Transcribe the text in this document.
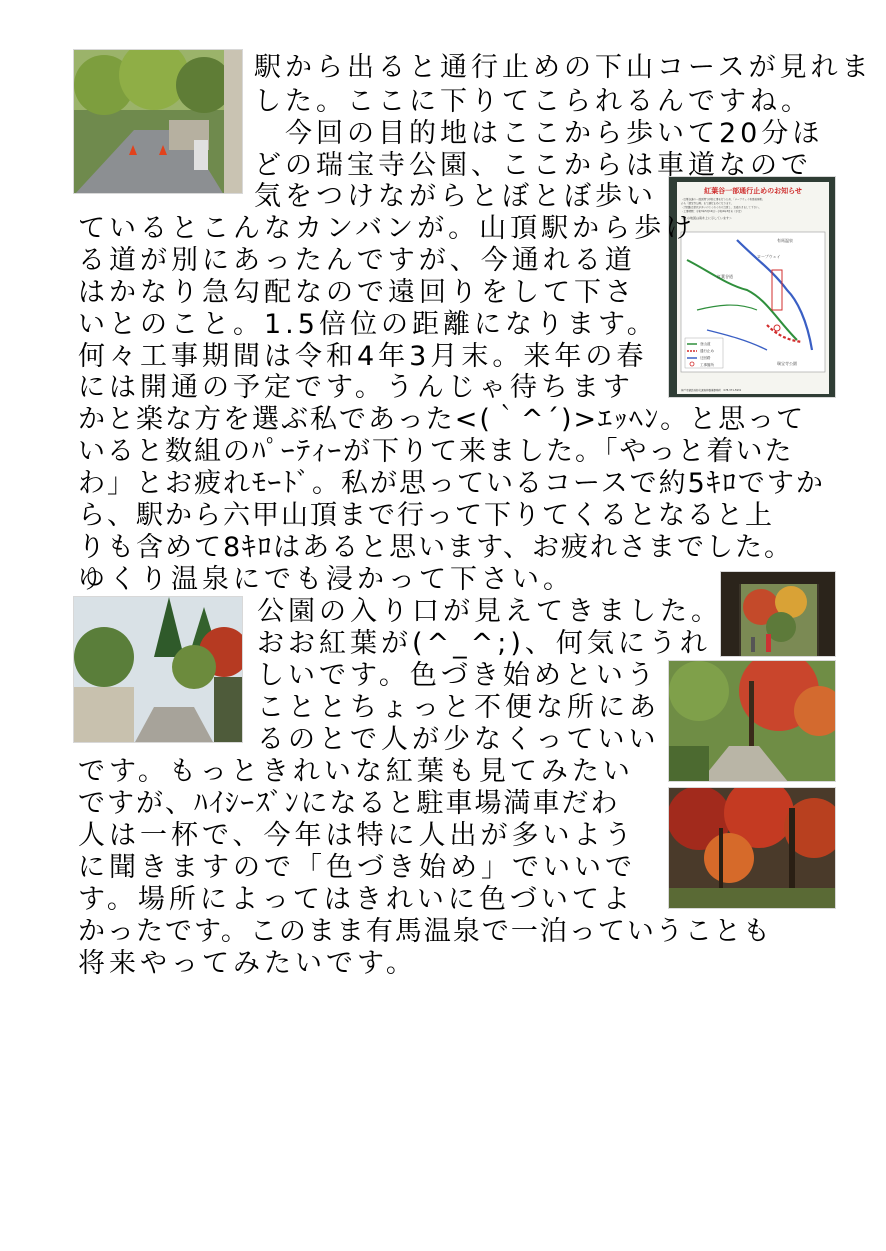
紅葉谷一部通行止めのお知らせ
・紅葉谷道の一部区間で砂防工事を行うため、「ロープウェイ有馬温泉駅」
から「瑞宝寺公園」まで通行止めになります。
・迂回路は起伏が多いのでくれぐれも注意し、お疲れさまして下さい。
・工事期間：令和3年5月10日～令和4年3月末（予定）
＜この地図は南を上に示しています＞
有馬温泉
紅葉谷道
ロープウェイ
瑞宝寺公園
登山道
通行止め
迂回路
工事箇所
神戸市建設局防災課森林整備事務所　078-371-5931
駅から出ると通行止めの下山コースが見れま
した。ここに下りてこられるんですね。
　今回の目的地はここから歩いて20分ほ
どの瑞宝寺公園、ここからは車道なので
気をつけながらとぼとぼ歩い
ているとこんなカンバンが。山頂駅から歩け
る道が別にあったんですが、今通れる道
はかなり急勾配なので遠回りをして下さ
いとのこと。1.5倍位の距離になります。
何々工事期間は令和4年3月末。来年の春
には開通の予定です。うんじゃ待ちます
かと楽な方を選ぶ私であった<(｀^´)>ｴｯﾍﾝ。と思って
いると数組のﾊﾟｰﾃｨｰが下りて来ました。「やっと着いた
わ」とお疲れﾓｰﾄﾞ。私が思っているコースで約5ｷﾛですか
ら、駅から六甲山頂まで行って下りてくるとなると上
りも含めて8ｷﾛはあると思います、お疲れさまでした。
ゆくり温泉にでも浸かって下さい。
公園の入り口が見えてきました。
おお紅葉が(^_^;)、何気にうれ
しいです。色づき始めという
こととちょっと不便な所にあ
るのとで人が少なくっていい
です。もっときれいな紅葉も見てみたい
ですが、ﾊｲｼｰｽﾞﾝになると駐車場満車だわ
人は一杯で、今年は特に人出が多いよう
に聞きますので「色づき始め」でいいで
す。場所によってはきれいに色づいてよ
かったです。このまま有馬温泉で一泊っていうことも
将来やってみたいです。
